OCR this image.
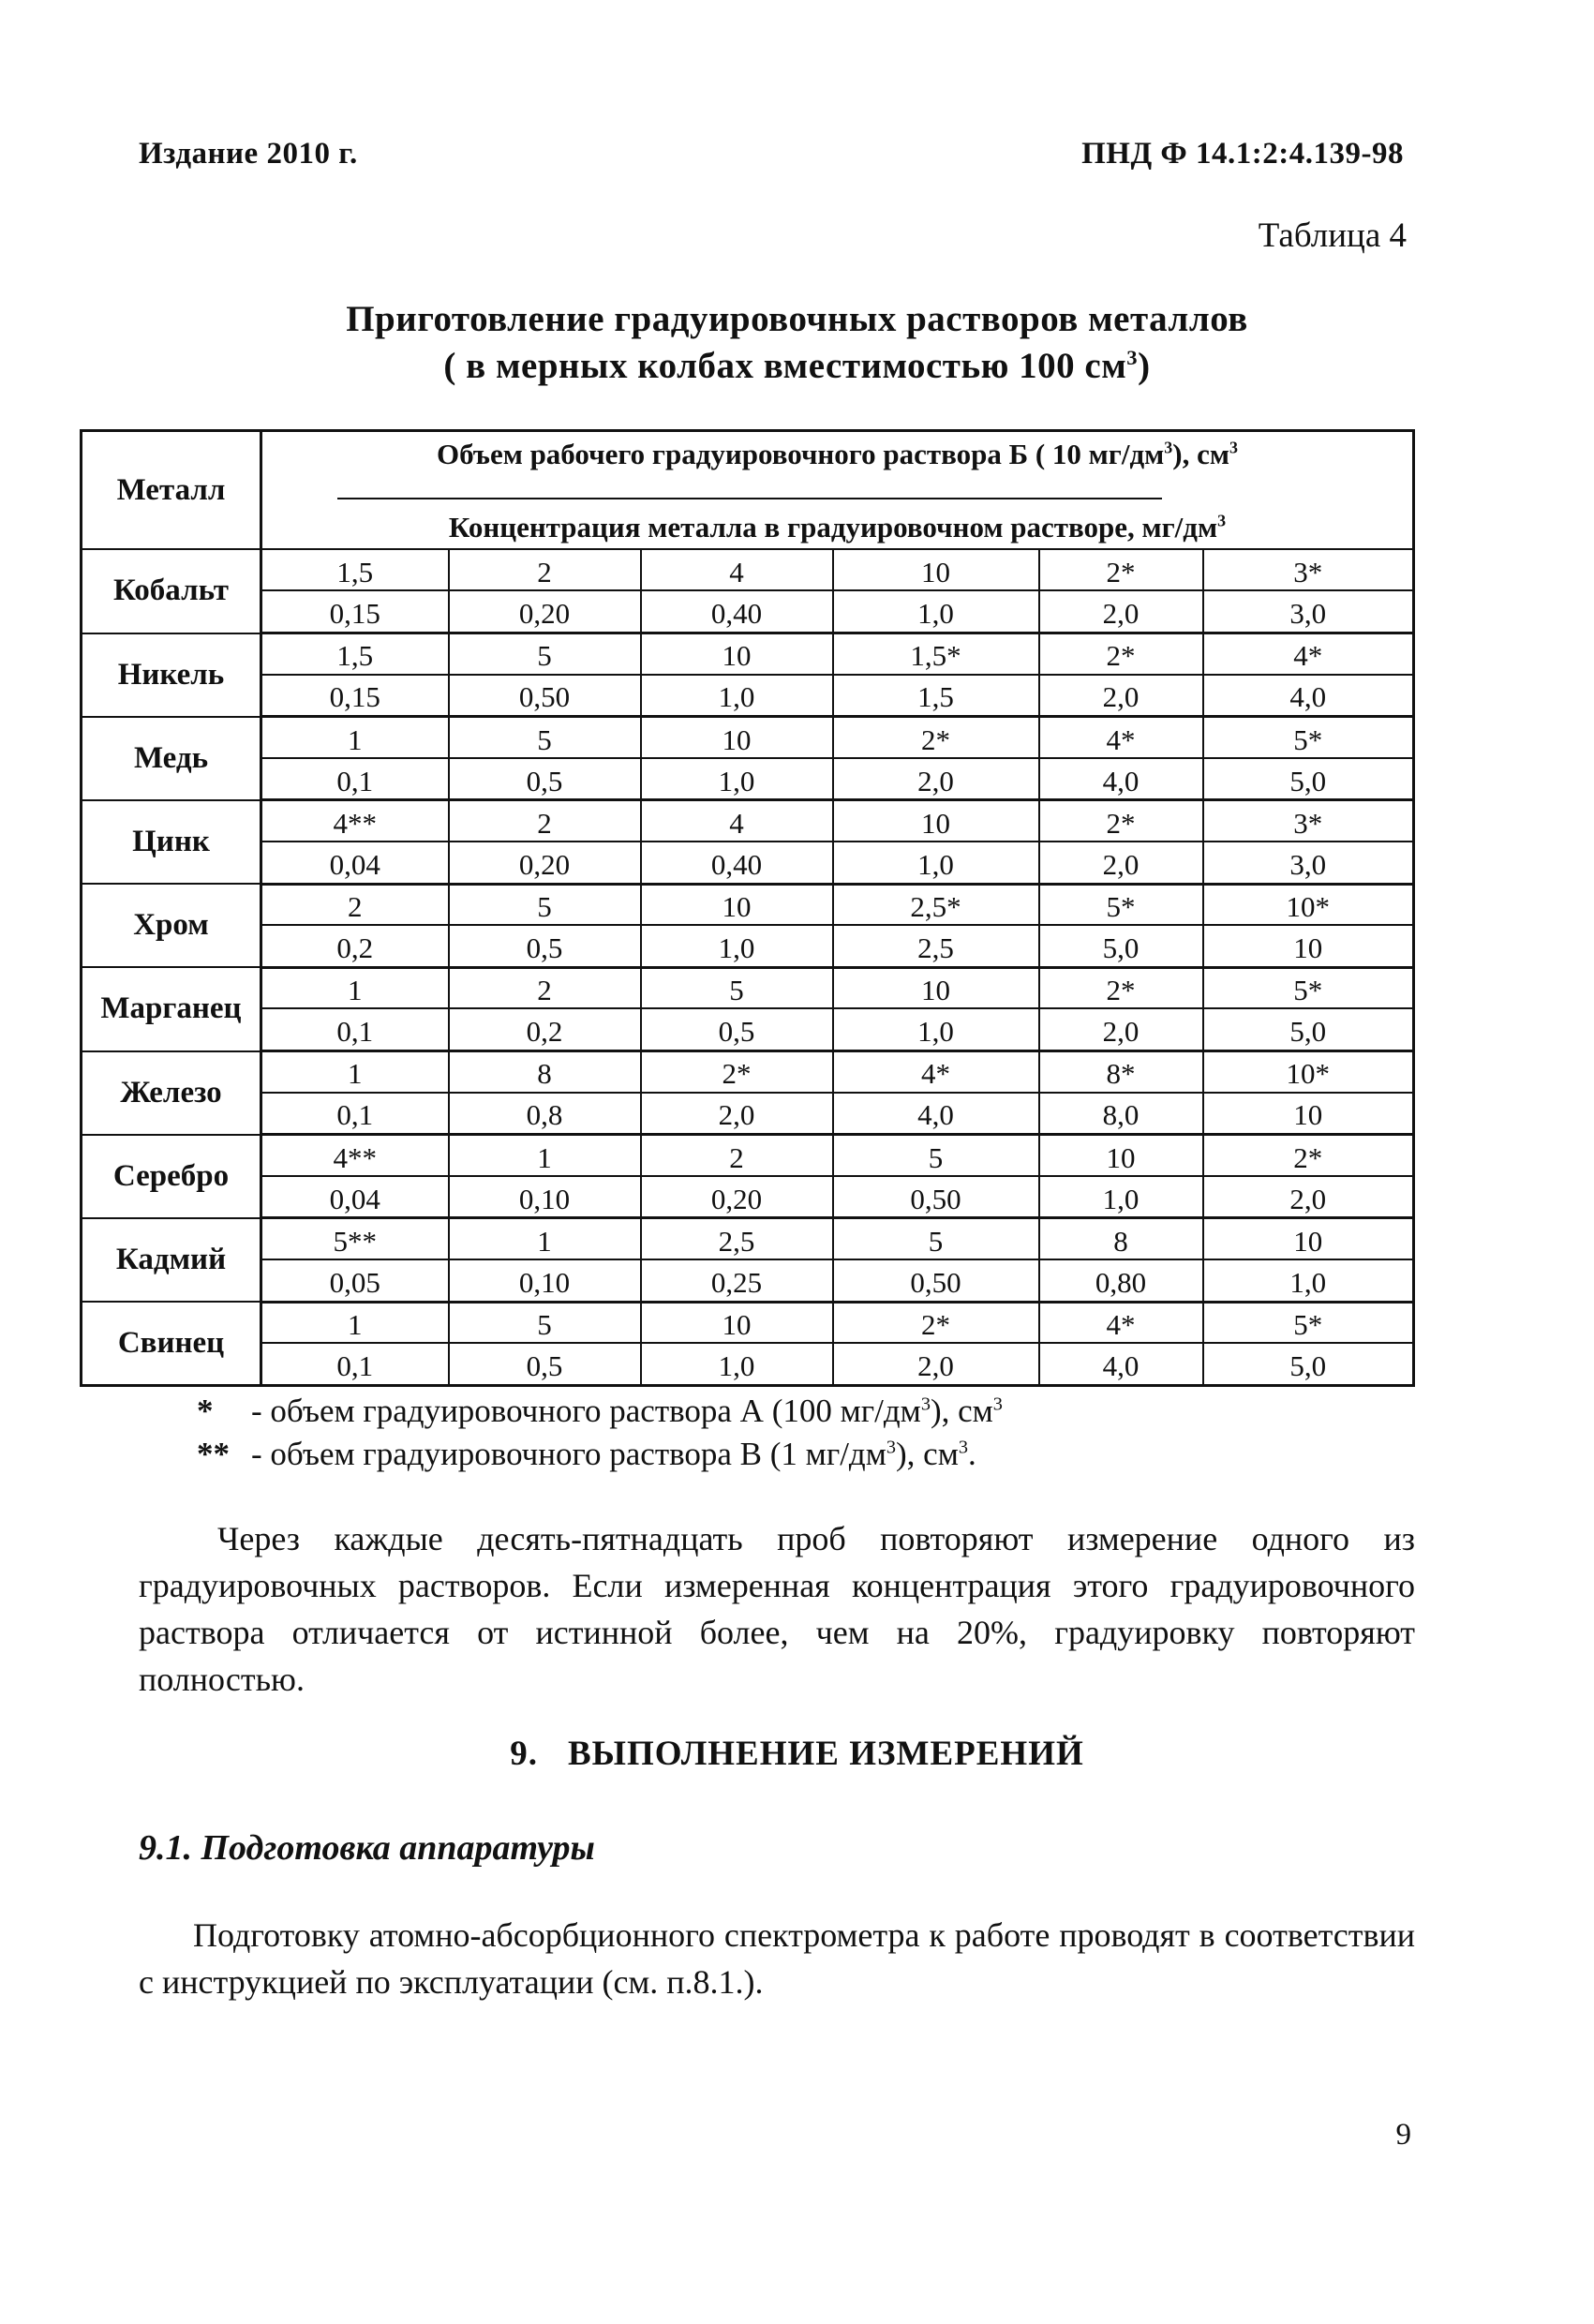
Издание 2010 г.	ПНД Ф 14.1:2:4.139-98
Таблица 4
Приготовление градуировочных растворов металлов
( в мерных колбах вместимостью 100 $см^3$)
Металл	Объем рабочего градуировочного раствора Б ( 10 $мг/дм^3$), $см^3$
Концентрация металла в градуировочном растворе, $мг/дм^3$

Кобальт	1,5	2	4	10	2*	3*
	0,15	0,20	0,40	1,0	2,0	3,0
Никель	1,5	5	10	1,5*	2*	4*
	0,15	0,50	1,0	1,5	2,0	4,0
Медь	1	5	10	2*	4*	5*
	0,1	0,5	1,0	2,0	4,0	5,0
Цинк	4**	2	4	10	2*	3*
	0,04	0,20	0,40	1,0	2,0	3,0
Хром	2	5	10	2,5*	5*	10*
	0,2	0,5	1,0	2,5	5,0	10
Марганец	1	2	5	10	2*	5*
	0,1	0,2	0,5	1,0	2,0	5,0
Железо	1	8	2*	4*	8*	10*
	0,1	0,8	2,0	4,0	8,0	10
Серебро	4**	1	2	5	10	2*
	0,04	0,10	0,20	0,50	1,0	2,0
Кадмий	5**	1	2,5	5	8	10
	0,05	0,10	0,25	0,50	0,80	1,0
Свинец	1	5	10	2*	4*	5*
	0,1	0,5	1,0	2,0	4,0	5,0
* - объем градуировочного раствора А (100 $мг/дм^3$), $см^3$
** - объем градуировочного раствора В (1 $мг/дм^3$), $см^3$.
Через каждые десять-пятнадцать проб повторяют измерение одного из градуировочных растворов. Если измеренная концентрация этого градуировочного раствора отличается от истинной более, чем на 20%, градуировку повторяют полностью.
9. ВЫПОЛНЕНИЕ ИЗМЕРЕНИЙ
9.1. Подготовка аппаратуры
Подготовку атомно-абсорбционного спектрометра к работе проводят в соответствии с инструкцией по эксплуатации (см. п.8.1.).
9
